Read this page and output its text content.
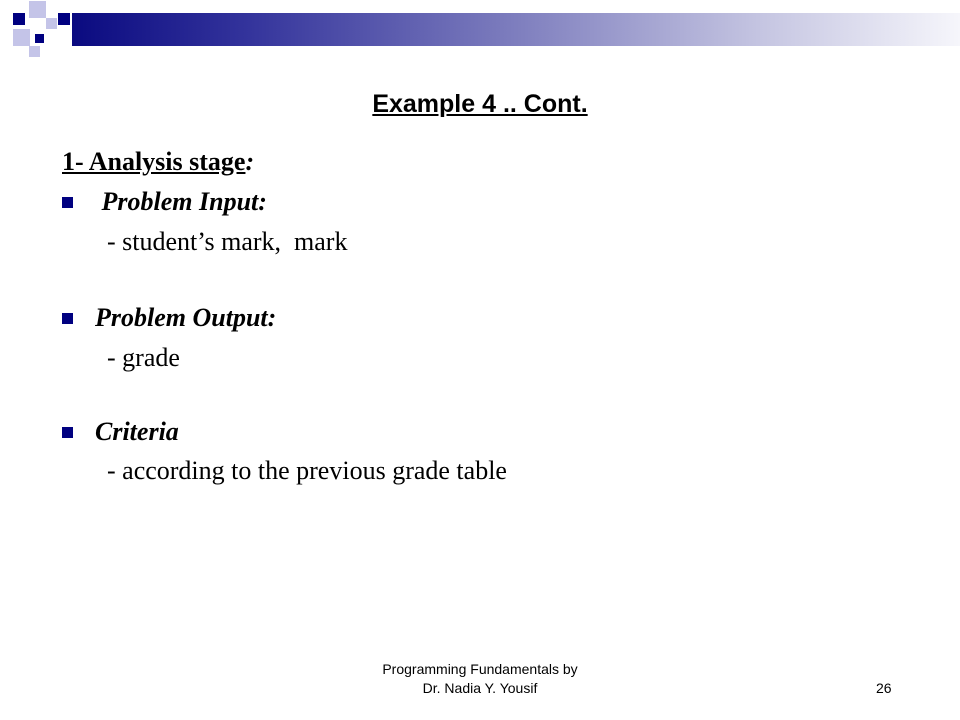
Example 4 .. Cont.
1- Analysis stage:
Problem Input:
- student’s mark,  mark
Problem Output:
- grade
Criteria
- according to the previous grade table
Programming Fundamentals by
Dr. Nadia Y. Yousif	26
